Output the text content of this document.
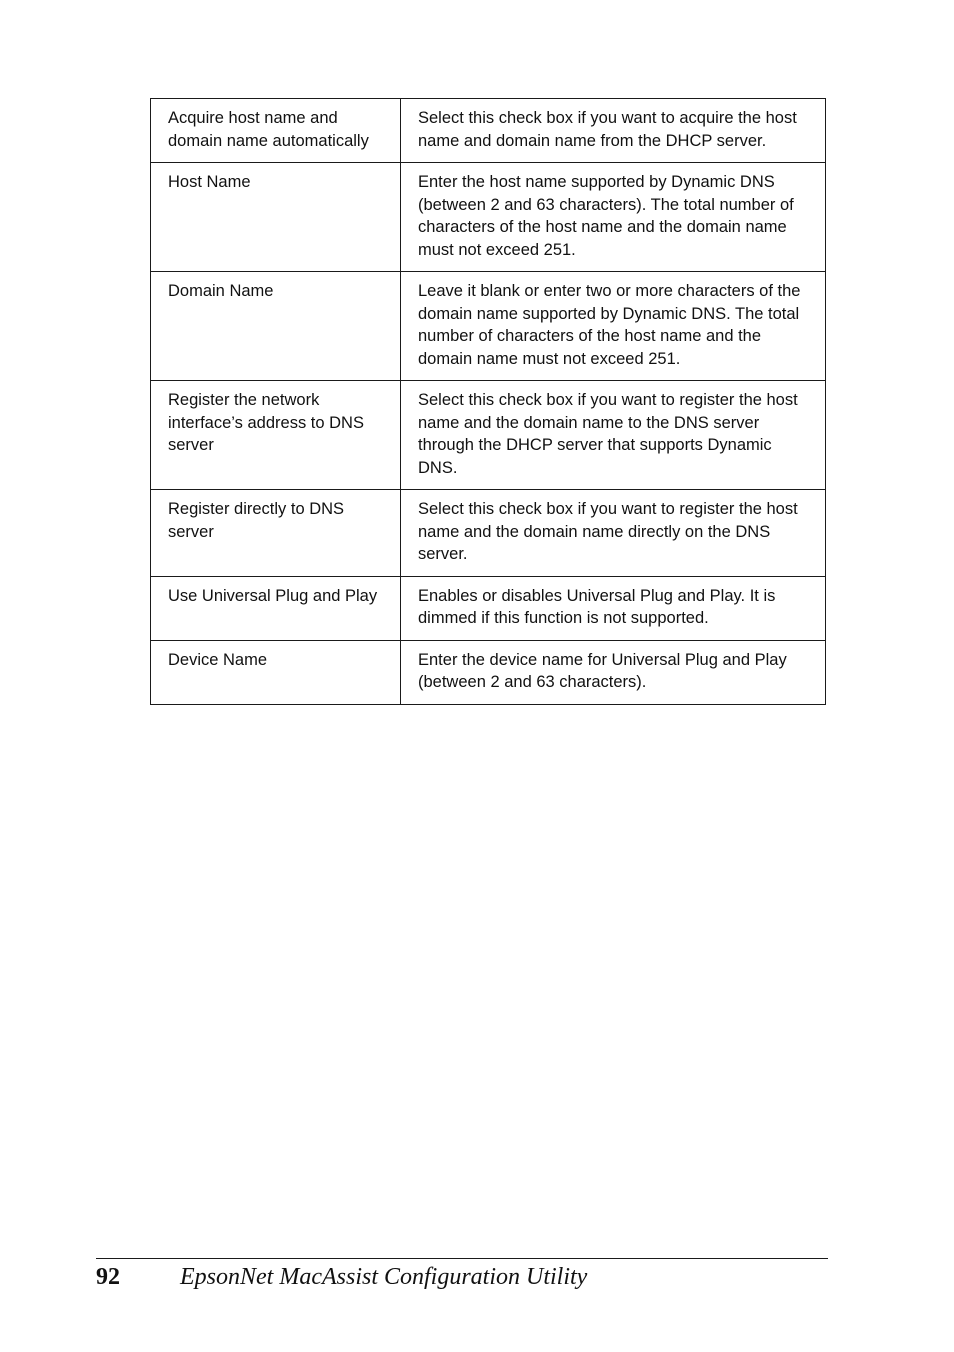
Acquire host name and domain name automatically	Select this check box if you want to acquire the host name and domain name from the DHCP server.
Host Name	Enter the host name supported by Dynamic DNS (between 2 and 63 characters). The total number of characters of the host name and the domain name must not exceed 251.
Domain Name	Leave it blank or enter two or more characters of the domain name supported by Dynamic DNS. The total number of characters of the host name and the domain name must not exceed 251.
Register the network interface’s address to DNS server	Select this check box if you want to register the host name and the domain name to the DNS server through the DHCP server that supports Dynamic DNS.
Register directly to DNS server	Select this check box if you want to register the host name and the domain name directly on the DNS server.
Use Universal Plug and Play	Enables or disables Universal Plug and Play. It is dimmed if this function is not supported.
Device Name	Enter the device name for Universal Plug and Play (between 2 and 63 characters).
92	EpsonNet MacAssist Configuration Utility
